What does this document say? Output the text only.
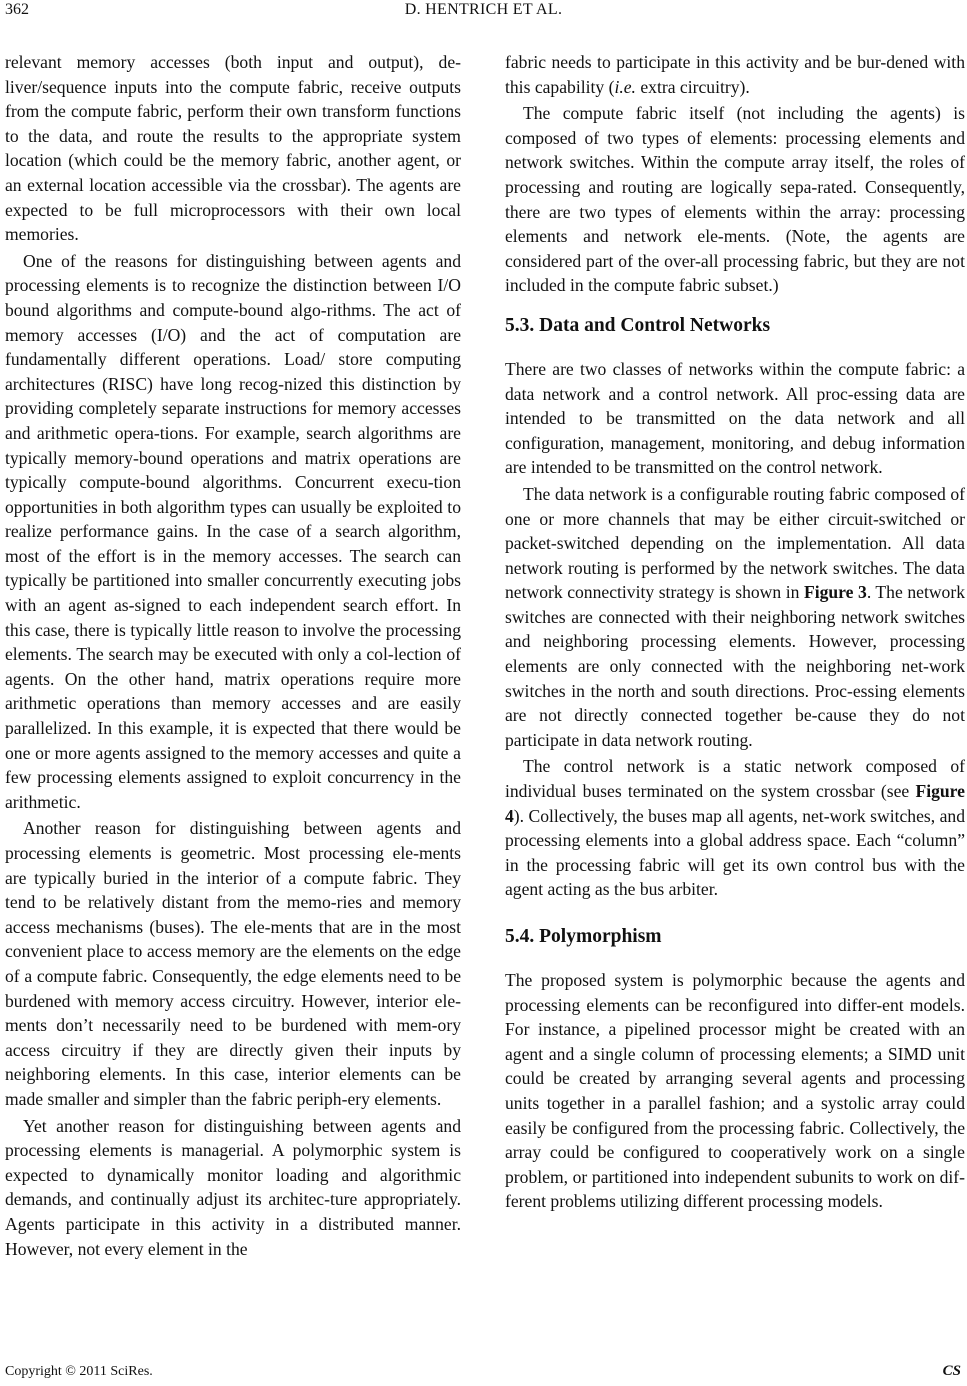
362	D. HENTRICH ET AL.

relevant memory accesses (both input and output), de-liver/sequence inputs into the compute fabric, receive outputs from the compute fabric, perform their own transform functions to the data, and route the results to the appropriate system location (which could be the memory fabric, another agent, or an external location accessible via the crossbar). The agents are expected to be full microprocessors with their own local memories.

One of the reasons for distinguishing between agents and processing elements is to recognize the distinction between I/O bound algorithms and compute-bound algo-rithms. The act of memory accesses (I/O) and the act of computation are fundamentally different operations. Load/ store computing architectures (RISC) have long recog-nized this distinction by providing completely separate instructions for memory accesses and arithmetic opera-tions. For example, search algorithms are typically memory-bound operations and matrix operations are typically compute-bound algorithms. Concurrent execu-tion opportunities in both algorithm types can usually be exploited to realize performance gains. In the case of a search algorithm, most of the effort is in the memory accesses. The search can typically be partitioned into smaller concurrently executing jobs with an agent as-signed to each independent search effort. In this case, there is typically little reason to involve the processing elements. The search may be executed with only a col-lection of agents. On the other hand, matrix operations require more arithmetic operations than memory accesses and are easily parallelized. In this example, it is expected that there would be one or more agents assigned to the memory accesses and quite a few processing elements assigned to exploit concurrency in the arithmetic.

Another reason for distinguishing between agents and processing elements is geometric. Most processing ele-ments are typically buried in the interior of a compute fabric. They tend to be relatively distant from the memo-ries and memory access mechanisms (buses). The ele-ments that are in the most convenient place to access memory are the elements on the edge of a compute fabric. Consequently, the edge elements need to be burdened with memory access circuitry. However, interior ele-ments don’t necessarily need to be burdened with mem-ory access circuitry if they are directly given their inputs by neighboring elements. In this case, interior elements can be made smaller and simpler than the fabric periph-ery elements.

Yet another reason for distinguishing between agents and processing elements is managerial. A polymorphic system is expected to dynamically monitor loading and algorithmic demands, and continually adjust its architec-ture appropriately. Agents participate in this activity in a distributed manner. However, not every element in the

fabric needs to participate in this activity and be bur-dened with this capability (i.e. extra circuitry).

The compute fabric itself (not including the agents) is composed of two types of elements: processing elements and network switches. Within the compute array itself, the roles of processing and routing are logically sepa-rated. Consequently, there are two types of elements within the array: processing elements and network ele-ments. (Note, the agents are considered part of the over-all processing fabric, but they are not included in the compute fabric subset.)

5.3. Data and Control Networks

There are two classes of networks within the compute fabric: a data network and a control network. All proc-essing data are intended to be transmitted on the data network and all configuration, management, monitoring, and debug information are intended to be transmitted on the control network.

The data network is a configurable routing fabric composed of one or more channels that may be either circuit-switched or packet-switched depending on the implementation. All data network routing is performed by the network switches. The data network connectivity strategy is shown in Figure 3. The network switches are connected with their neighboring network switches and neighboring processing elements. However, processing elements are only connected with the neighboring net-work switches in the north and south directions. Proc-essing elements are not directly connected together be-cause they do not participate in data network routing.

The control network is a static network composed of individual buses terminated on the system crossbar (see Figure 4). Collectively, the buses map all agents, net-work switches, and processing elements into a global address space. Each “column” in the processing fabric will get its own control bus with the agent acting as the bus arbiter.

5.4. Polymorphism

The proposed system is polymorphic because the agents and processing elements can be reconfigured into differ-ent models. For instance, a pipelined processor might be created with an agent and a single column of processing elements; a SIMD unit could be created by arranging several agents and processing units together in a parallel fashion; and a systolic array could easily be configured from the processing fabric. Collectively, the array could be configured to cooperatively work on a single problem, or partitioned into independent subunits to work on dif-ferent problems utilizing different processing models.

Copyright © 2011 SciRes.	CS
